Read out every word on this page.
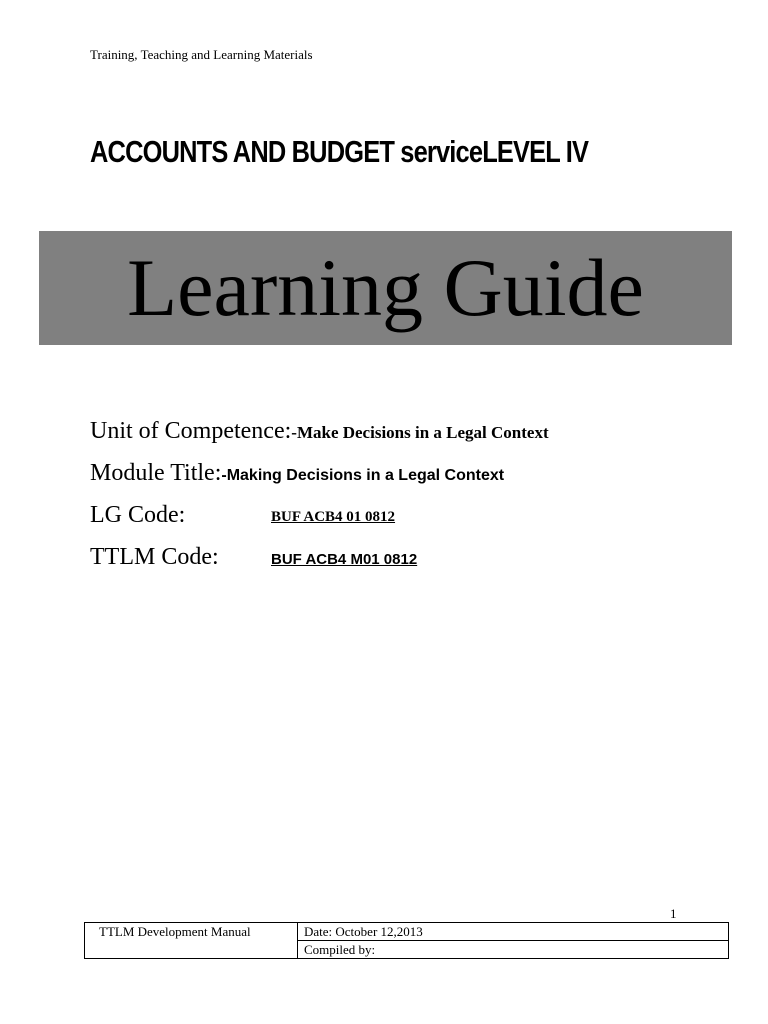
Training, Teaching and Learning Materials
ACCOUNTS AND BUDGET serviceLEVEL IV
Learning Guide
Unit of Competence:-Make Decisions in a Legal Context
Module Title:-Making Decisions in a Legal Context
LG Code:	BUF ACB4 01 0812
TTLM Code:	BUF ACB4 M01 0812
1
TTLM Development Manual	Date: October 12,2013
Compiled by:
